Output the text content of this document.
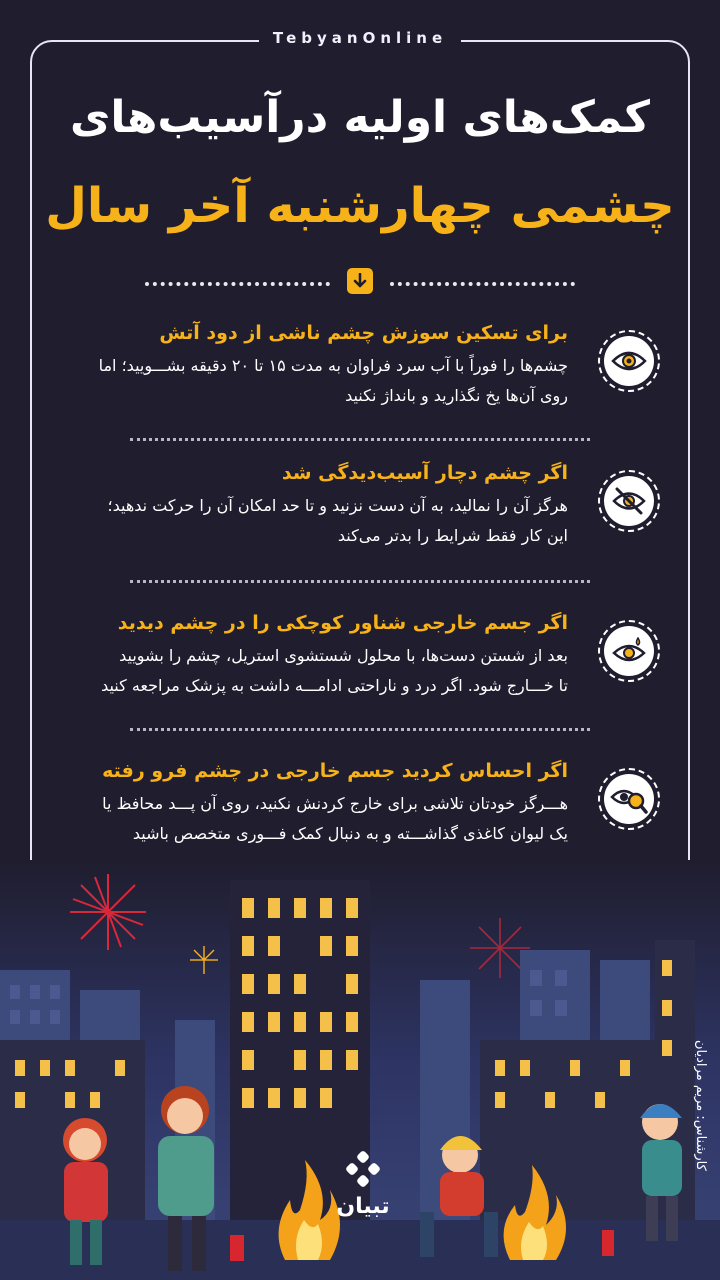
TebyanOnline
کمک‌های اولیه درآسیب‌های
چشمی چهارشنبه آخر سال
برای تسکین سوزش چشم ناشی از دود آتش
چشم‌ها را فوراً با آب سرد فراوان به مدت ۱۵ تا ۲۰ دقیقه بشـــویید؛ اما
روی آن‌ها یخ نگذارید و بانداژ نکنید
اگر چشم دچار آسیب‌دیدگی شد
هرگز آن را نمالید، به آن دست نزنید و تا حد امکان آن را حرکت ندهید؛
این کار فقط شرایط را بدتر می‌کند
اگر جسم خارجی شناور کوچکی را در چشم دیدید
بعد از شستن دست‌ها، با محلول شستشوی استریل، چشم را بشویید
تا خـــارج شود. اگر درد و ناراحتی ادامـــه داشت به پزشک مراجعه کنید
اگر احساس کردید جسم خارجی در چشم فرو رفته
هـــرگز خودتان تلاشی برای خارج کردنش نکنید، روی آن پـــد محافظ یا
یک لیوان کاغذی گذاشـــته و به دنبال کمک فـــوری متخصص باشید
تبیان
کارشناس: مریم مرادیان
